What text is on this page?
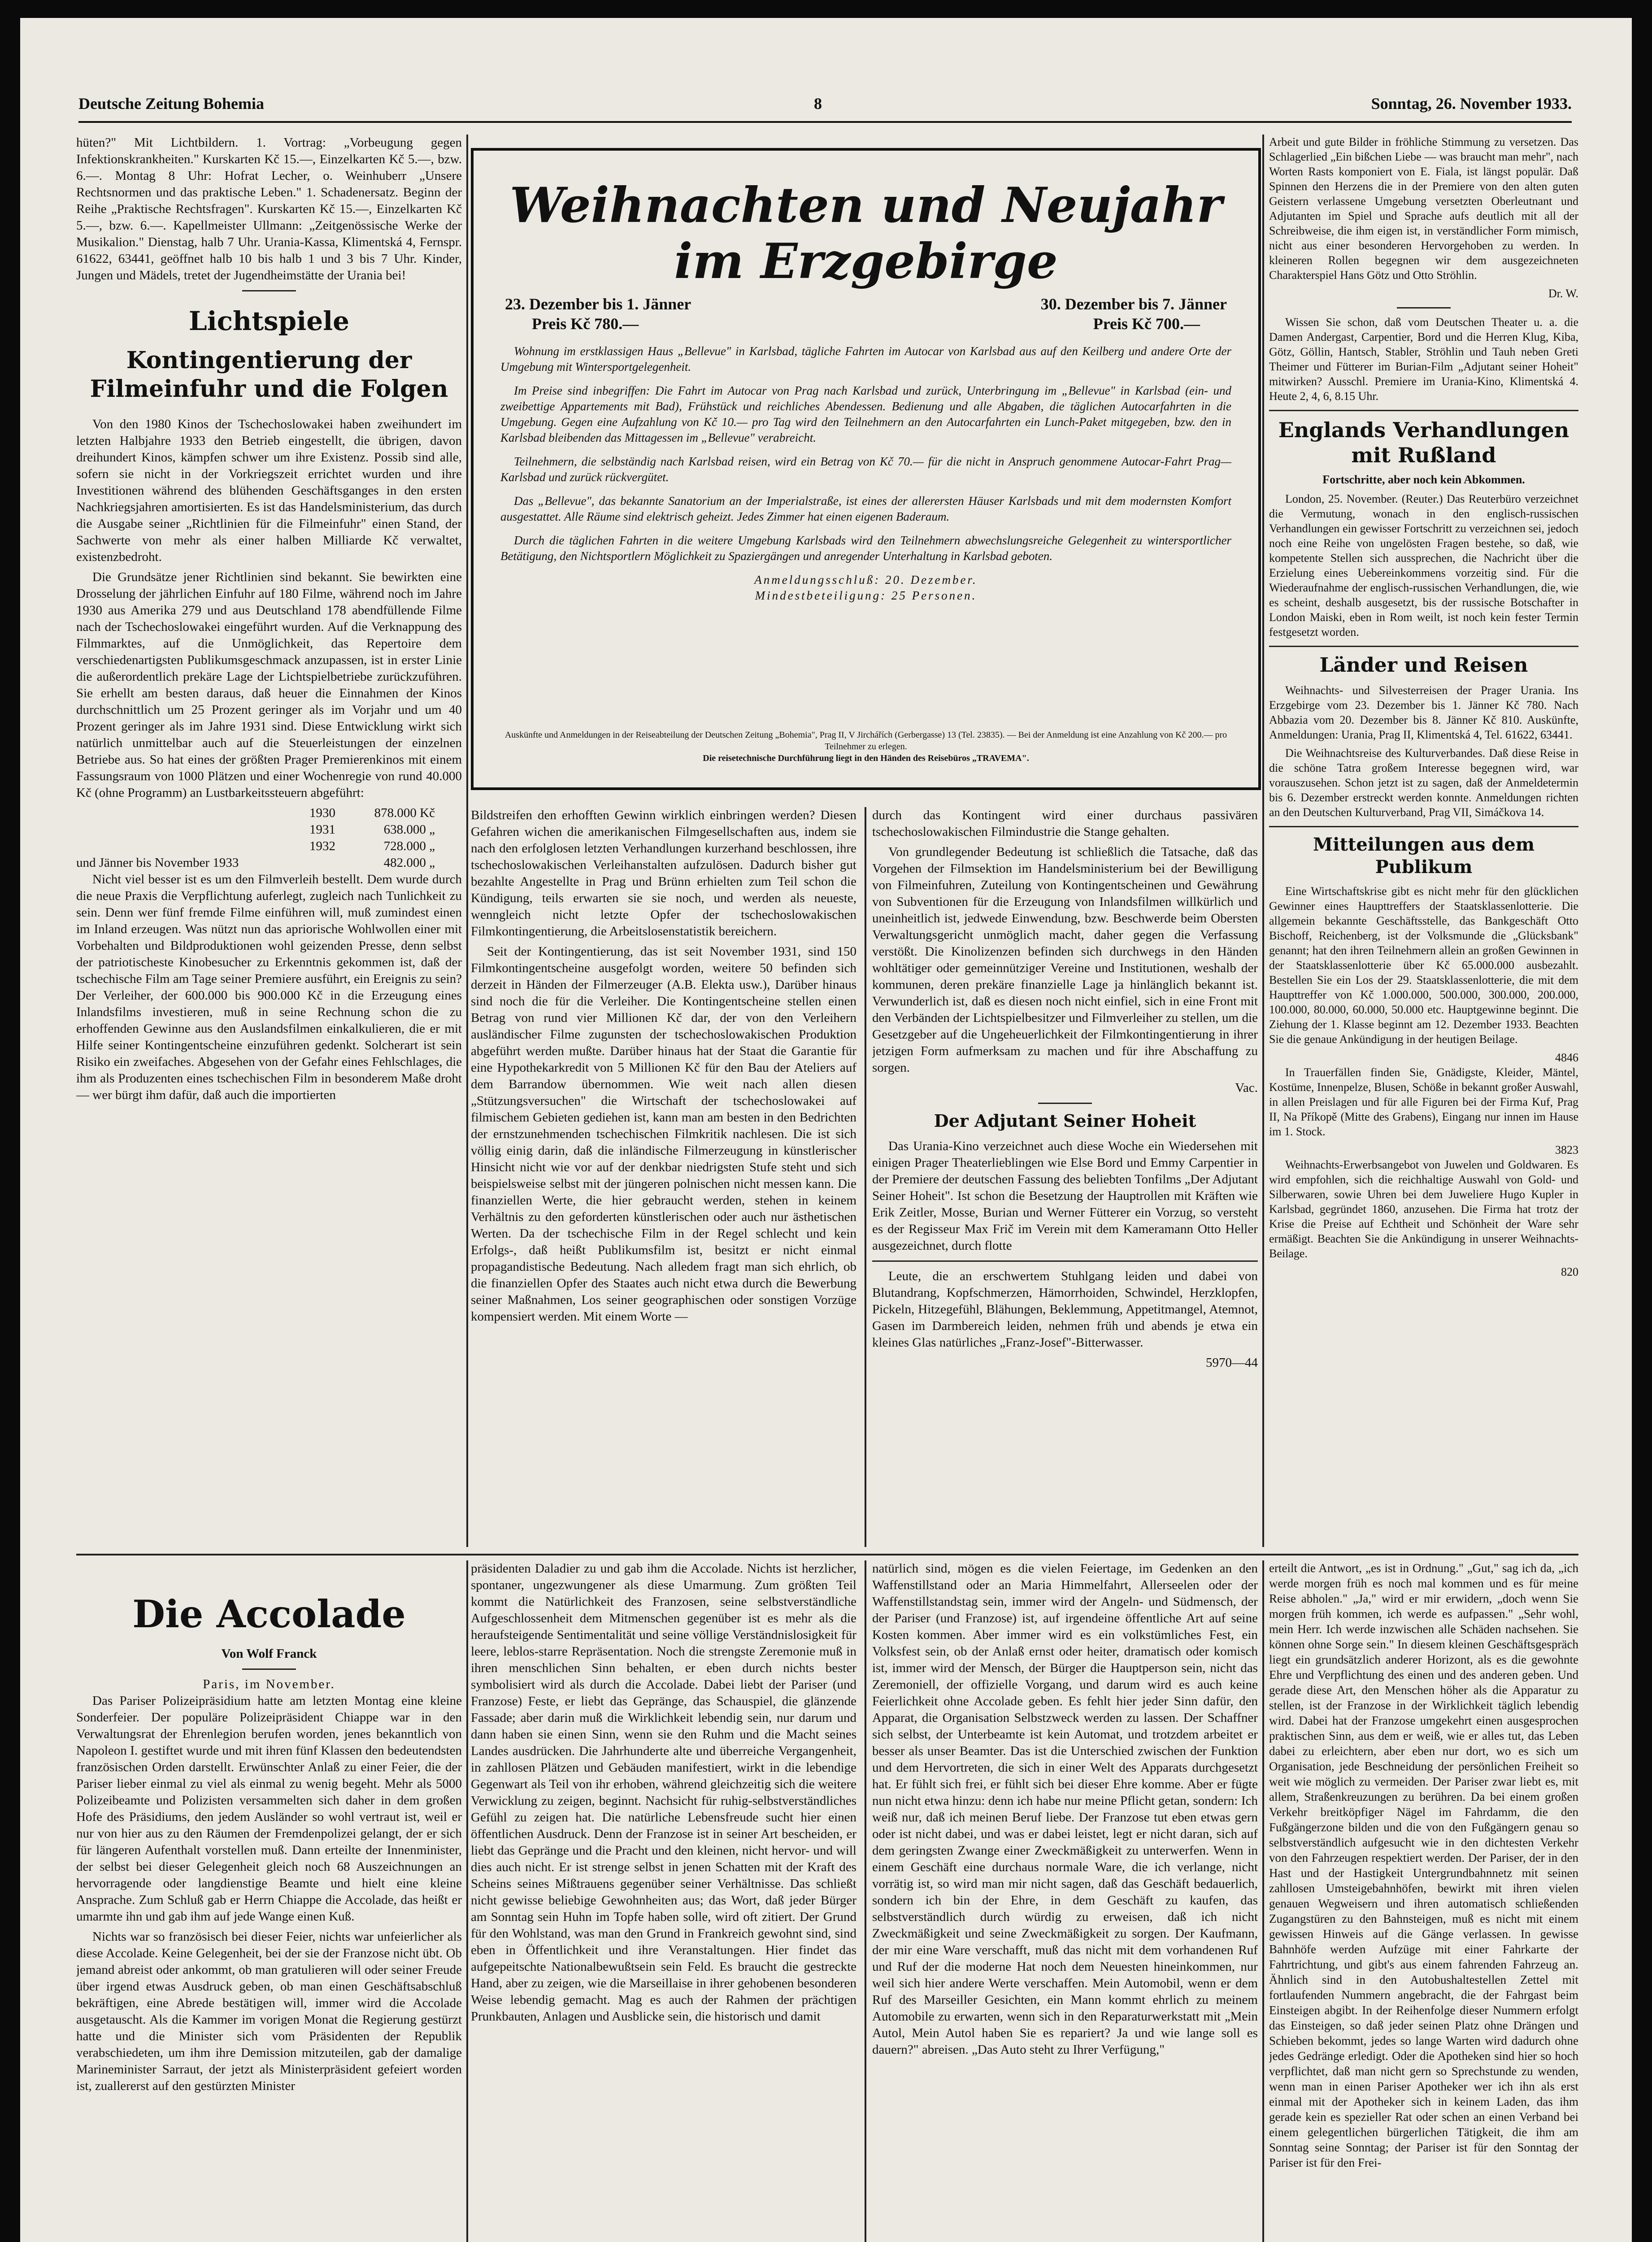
Deutsche Zeitung Bohemia	8	Sonntag, 26. November 1933.

hüten?" Mit Lichtbildern. 1. Vortrag: „Vorbeugung gegen Infektionskrankheiten." Kurskarten Kč 15.—, Einzelkarten Kč 5.—, bzw. 6.—. Montag 8 Uhr: Hofrat Lecher, o. Weinhuberr „Unsere Rechtsnormen und das praktische Leben." 1. Schadenersatz. Beginn der Reihe „Praktische Rechtsfragen". Kurskarten Kč 15.—, Einzelkarten Kč 5.—, bzw. 6.—. Kapellmeister Ullmann: „Zeitgenössische Werke der Musikalion." Dienstag, halb 7 Uhr. Urania-Kassa, Klimentská 4, Fernspr. 61622, 63441, geöffnet halb 10 bis halb 1 und 3 bis 7 Uhr. Kinder, Jungen und Mädels, tretet der Jugendheimstätte der Urania bei!

Lichtspiele
Kontingentierung der Filmeinfuhr und die Folgen

Von den 1980 Kinos der Tschechoslowakei haben zweihundert im letzten Halbjahre 1933 den Betrieb eingestellt, die übrigen, davon dreihundert Kinos, kämpfen schwer um ihre Existenz. Possib sind alle, sofern sie nicht in der Vorkriegszeit errichtet wurden und ihre Investitionen während des blühenden Geschäftsganges in den ersten Nachkriegsjahren amortisierten. Es ist das Handelsministerium, das durch die Ausgabe seiner „Richtlinien für die Filmeinfuhr" einen Stand, der Sachwerte von mehr als einer halben Milliarde Kč verwaltet, existenzbedroht.

Die Grundsätze jener Richtlinien sind bekannt. Sie bewirkten eine Drosselung der jährlichen Einfuhr auf 180 Filme, während noch im Jahre 1930 aus Amerika 279 und aus Deutschland 178 abendfüllende Filme nach der Tschechoslowakei eingeführt wurden. Auf die Verknappung des Filmmarktes, auf die Unmöglichkeit, das Repertoire dem verschiedenartigsten Publikumsgeschmack anzupassen, ist in erster Linie die außerordentlich prekäre Lage der Lichtspielbetriebe zurückzuführen. Sie erhellt am besten daraus, daß heuer die Einnahmen der Kinos durchschnittlich um 25 Prozent geringer als im Vorjahr und um 40 Prozent geringer als im Jahre 1931 sind. Diese Entwicklung wirkt sich natürlich unmittelbar auch auf die Steuerleistungen der einzelnen Betriebe aus. So hat eines der größten Prager Premierenkinos mit einem Fassungsraum von 1000 Plätzen und einer Wochenregie von rund 40.000 Kč (ohne Programm) an Lustbarkeitssteuern abgeführt:

1930	878.000 Kč
1931	638.000 „
1932	728.000 „
und Jänner bis November 1933	482.000 „

Nicht viel besser ist es um den Filmverleih bestellt. Dem wurde durch die neue Praxis die Verpflichtung auferlegt, zugleich nach Tunlichkeit zu sein. Denn wer fünf fremde Filme einführen will, muß zumindest einen im Inland erzeugen. Was nützt nun das apriorische Wohlwollen einer mit Vorbehalten und Bildproduktionen wohl geizenden Presse, denn selbst der patriotischeste Kinobesucher zu Erkenntnis gekommen ist, daß der tschechische Film am Tage seiner Premiere ausführt, ein Ereignis zu sein? Der Verleiher, der 600.000 bis 900.000 Kč in die Erzeugung eines Inlandsfilms investieren, muß in seine Rechnung schon die zu erhoffenden Gewinne aus den Auslandsfilmen einkalkulieren, die er mit Hilfe seiner Kontingentscheine einzuführen gedenkt. Solcherart ist sein Risiko ein zweifaches. Abgesehen von der Gefahr eines Fehlschlages, die ihm als Produzenten eines tschechischen Film in besonderem Maße droht — wer bürgt ihm dafür, daß auch die importierten

Weihnachten und Neujahr
im Erzgebirge
23. Dezember bis 1. Jänner
Preis Kč 780.—
30. Dezember bis 7. Jänner
Preis Kč 700.—

Wohnung im erstklassigen Haus „Bellevue" in Karlsbad, tägliche Fahrten im Autocar von Karlsbad aus auf den Keilberg und andere Orte der Umgebung mit Wintersportgelegenheit.

Im Preise sind inbegriffen: Die Fahrt im Autocar von Prag nach Karlsbad und zurück, Unterbringung im „Bellevue" in Karlsbad (ein- und zweibettige Appartements mit Bad), Frühstück und reichliches Abendessen. Bedienung und alle Abgaben, die täglichen Autocarfahrten in die Umgebung. Gegen eine Aufzahlung von Kč 10.— pro Tag wird den Teilnehmern an den Autocarfahrten ein Lunch-Paket mitgegeben, bzw. den in Karlsbad bleibenden das Mittagessen im „Bellevue" verabreicht.

Teilnehmern, die selbständig nach Karlsbad reisen, wird ein Betrag von Kč 70.— für die nicht in Anspruch genommene Autocar-Fahrt Prag—Karlsbad und zurück rückvergütet.

Das „Bellevue", das bekannte Sanatorium an der Imperialstraße, ist eines der allerersten Häuser Karlsbads und mit dem modernsten Komfort ausgestattet. Alle Räume sind elektrisch geheizt. Jedes Zimmer hat einen eigenen Baderaum.

Durch die täglichen Fahrten in die weitere Umgebung Karlsbads wird den Teilnehmern abwechslungsreiche Gelegenheit zu wintersportlicher Betätigung, den Nichtsportlern Möglichkeit zu Spaziergängen und anregender Unterhaltung in Karlsbad geboten.

Anmeldungsschluß: 20. Dezember.
Mindestbeteiligung: 25 Personen.
Auskünfte und Anmeldungen in der Reiseabteilung der Deutschen Zeitung „Bohemia", Prag II, V Jirchářích (Gerbergasse) 13 (Tel. 23835). — Bei der Anmeldung ist eine Anzahlung von Kč 200.— pro Teilnehmer zu erlegen.
Die reisetechnische Durchführung liegt in den Händen des Reisebüros „TRAVEMA".

Bildstreifen den erhofften Gewinn wirklich einbringen werden? Diesen Gefahren wichen die amerikanischen Filmgesellschaften aus, indem sie nach den erfolglosen letzten Verhandlungen kurzerhand beschlossen, ihre tschechoslowakischen Verleihanstalten aufzulösen. Dadurch bisher gut bezahlte Angestellte in Prag und Brünn erhielten zum Teil schon die Kündigung, teils erwarten sie sie noch, und werden als neueste, wenngleich nicht letzte Opfer der tschechoslowakischen Filmkontingentierung, die Arbeitslosenstatistik bereichern.

Seit der Kontingentierung, das ist seit November 1931, sind 150 Filmkontingentscheine ausgefolgt worden, weitere 50 befinden sich derzeit in Händen der Filmerzeuger (A.B. Elekta usw.), Darüber hinaus sind noch die für die Verleiher. Die Kontingentscheine stellen einen Betrag von rund vier Millionen Kč dar, der von den Verleihern ausländischer Filme zugunsten der tschechoslowakischen Produktion abgeführt werden mußte. Darüber hinaus hat der Staat die Garantie für eine Hypothekarkredit von 5 Millionen Kč für den Bau der Ateliers auf dem Barrandow übernommen. Wie weit nach allen diesen „Stützungsversuchen" die Wirtschaft der tschechoslowakei auf filmischem Gebieten gediehen ist, kann man am besten in den Bedrichten der ernstzunehmenden tschechischen Filmkritik nachlesen. Die ist sich völlig einig darin, daß die inländische Filmerzeugung in künstlerischer Hinsicht nicht wie vor auf der denkbar niedrigsten Stufe steht und sich beispielsweise selbst mit der jüngeren polnischen nicht messen kann. Die finanziellen Werte, die hier gebraucht werden, stehen in keinem Verhältnis zu den geforderten künstlerischen oder auch nur ästhetischen Werten. Da der tschechische Film in der Regel schlecht und kein Erfolgs-, daß heißt Publikumsfilm ist, besitzt er nicht einmal propagandistische Bedeutung. Nach alledem fragt man sich ehrlich, ob die finanziellen Opfer des Staates auch nicht etwa durch die Bewerbung seiner Maßnahmen, Los seiner geographischen oder sonstigen Vorzüge kompensiert werden. Mit einem Worte —

durch das Kontingent wird einer durchaus passivären tschechoslowakischen Filmindustrie die Stange gehalten.

Von grundlegender Bedeutung ist schließlich die Tatsache, daß das Vorgehen der Filmsektion im Handelsministerium bei der Bewilligung von Filmeinfuhren, Zuteilung von Kontingentscheinen und Gewährung von Subventionen für die Erzeugung von Inlandsfilmen willkürlich und uneinheitlich ist, jedwede Einwendung, bzw. Beschwerde beim Obersten Verwaltungsgericht unmöglich macht, daher gegen die Verfassung verstößt. Die Kinolizenzen befinden sich durchwegs in den Händen wohltätiger oder gemeinnütziger Vereine und Institutionen, weshalb der kommunen, deren prekäre finanzielle Lage ja hinlänglich bekannt ist. Verwunderlich ist, daß es diesen noch nicht einfiel, sich in eine Front mit den Verbänden der Lichtspielbesitzer und Filmverleiher zu stellen, um die Gesetzgeber auf die Ungeheuerlichkeit der Filmkontingentierung in ihrer jetzigen Form aufmerksam zu machen und für ihre Abschaffung zu sorgen.

Vac.
Der Adjutant Seiner Hoheit

Das Urania-Kino verzeichnet auch diese Woche ein Wiedersehen mit einigen Prager Theaterlieblingen wie Else Bord und Emmy Carpentier in der Premiere der deutschen Fassung des beliebten Tonfilms „Der Adjutant Seiner Hoheit". Ist schon die Besetzung der Hauptrollen mit Kräften wie Erik Zeitler, Mosse, Burian und Werner Fütterer ein Vorzug, so versteht es der Regisseur Max Frič im Verein mit dem Kameramann Otto Heller ausgezeichnet, durch flotte

Leute, die an erschwertem Stuhlgang leiden und dabei von Blutandrang, Kopfschmerzen, Hämorrhoiden, Schwindel, Herzklopfen, Pickeln, Hitzegefühl, Blähungen, Beklemmung, Appetitmangel, Atemnot, Gasen im Darmbereich leiden, nehmen früh und abends je etwa ein kleines Glas natürliches „Franz-Josef"-Bitterwasser.

5970—44

Arbeit und gute Bilder in fröhliche Stimmung zu versetzen. Das Schlagerlied „Ein bißchen Liebe — was braucht man mehr", nach Worten Rasts komponiert von E. Fiala, ist längst populär. Daß Spinnen den Herzens die in der Premiere von den alten guten Geistern verlassene Umgebung versetzten Oberleutnant und Adjutanten im Spiel und Sprache aufs deutlich mit all der Schreibweise, die ihm eigen ist, in verständlicher Form mimisch, nicht aus einer besonderen Hervorgehoben zu werden. In kleineren Rollen begegnen wir dem ausgezeichneten Charakterspiel Hans Götz und Otto Ströhlin.

Dr. W.

Wissen Sie schon, daß vom Deutschen Theater u. a. die Damen Andergast, Carpentier, Bord und die Herren Klug, Kiba, Götz, Göllin, Hantsch, Stabler, Ströhlin und Tauh neben Greti Theimer und Fütterer im Burian-Film „Adjutant seiner Hoheit" mitwirken? Ausschl. Premiere im Urania-Kino, Klimentská 4. Heute 2, 4, 6, 8.15 Uhr.

Englands Verhandlungen mit Rußland
Fortschritte, aber noch kein Abkommen.

London, 25. November. (Reuter.) Das Reuterbüro verzeichnet die Vermutung, wonach in den englisch-russischen Verhandlungen ein gewisser Fortschritt zu verzeichnen sei, jedoch noch eine Reihe von ungelösten Fragen bestehe, so daß, wie kompetente Stellen sich aussprechen, die Nachricht über die Erzielung eines Uebereinkommens vorzeitig sind. Für die Wiederaufnahme der englisch-russischen Verhandlungen, die, wie es scheint, deshalb ausgesetzt, bis der russische Botschafter in London Maiski, eben in Rom weilt, ist noch kein fester Termin festgesetzt worden.

Länder und Reisen

Weihnachts- und Silvesterreisen der Prager Urania. Ins Erzgebirge vom 23. Dezember bis 1. Jänner Kč 780. Nach Abbazia vom 20. Dezember bis 8. Jänner Kč 810. Auskünfte, Anmeldungen: Urania, Prag II, Klimentská 4, Tel. 61622, 63441.

Die Weihnachtsreise des Kulturverbandes. Daß diese Reise in die schöne Tatra großem Interesse begegnen wird, war vorauszusehen. Schon jetzt ist zu sagen, daß der Anmeldetermin bis 6. Dezember erstreckt werden konnte. Anmeldungen richten an den Deutschen Kulturverband, Prag VII, Simáčkova 14.

Mitteilungen aus dem Publikum

Eine Wirtschaftskrise gibt es nicht mehr für den glücklichen Gewinner eines Haupttreffers der Staatsklassenlotterie. Die allgemein bekannte Geschäftsstelle, das Bankgeschäft Otto Bischoff, Reichenberg, ist der Volksmunde die „Glücksbank" genannt; hat den ihren Teilnehmern allein an großen Gewinnen in der Staatsklassenlotterie über Kč 65.000.000 ausbezahlt. Bestellen Sie ein Los der 29. Staatsklassenlotterie, die mit dem Haupttreffer von Kč 1.000.000, 500.000, 300.000, 200.000, 100.000, 80.000, 60.000, 50.000 etc. Hauptgewinne beginnt. Die Ziehung der 1. Klasse beginnt am 12. Dezember 1933. Beachten Sie die genaue Ankündigung in der heutigen Beilage.

4846

In Trauerfällen finden Sie, Gnädigste, Kleider, Mäntel, Kostüme, Innenpelze, Blusen, Schöße in bekannt großer Auswahl, in allen Preislagen und für alle Figuren bei der Firma Kuf, Prag II, Na Příkopě (Mitte des Grabens), Eingang nur innen im Hause im 1. Stock.

3823

Weihnachts-Erwerbsangebot von Juwelen und Goldwaren. Es wird empfohlen, sich die reichhaltige Auswahl von Gold- und Silberwaren, sowie Uhren bei dem Juweliere Hugo Kupler in Karlsbad, gegründet 1860, anzusehen. Die Firma hat trotz der Krise die Preise auf Echtheit und Schönheit der Ware sehr ermäßigt. Beachten Sie die Ankündigung in unserer Weihnachts-Beilage.

820
Die Accolade
Von Wolf Franck
Paris, im November.

Das Pariser Polizeipräsidium hatte am letzten Montag eine kleine Sonderfeier. Der populäre Polizeipräsident Chiappe war in den Verwaltungsrat der Ehrenlegion berufen worden, jenes bekanntlich von Napoleon I. gestiftet wurde und mit ihren fünf Klassen den bedeutendsten französischen Orden darstellt. Erwünschter Anlaß zu einer Feier, die der Pariser lieber einmal zu viel als einmal zu wenig begeht. Mehr als 5000 Polizeibeamte und Polizisten versammelten sich daher in dem großen Hofe des Präsidiums, den jedem Ausländer so wohl vertraut ist, weil er nur von hier aus zu den Räumen der Fremdenpolizei gelangt, der er sich für längeren Aufenthalt vorstellen muß. Dann erteilte der Innenminister, der selbst bei dieser Gelegenheit gleich noch 68 Auszeichnungen an hervorragende oder langdienstige Beamte und hielt eine kleine Ansprache. Zum Schluß gab er Herrn Chiappe die Accolade, das heißt er umarmte ihn und gab ihm auf jede Wange einen Kuß.

Nichts war so französisch bei dieser Feier, nichts war unfeierlicher als diese Accolade. Keine Gelegenheit, bei der sie der Franzose nicht übt. Ob jemand abreist oder ankommt, ob man gratulieren will oder seiner Freude über irgend etwas Ausdruck geben, ob man einen Geschäftsabschluß bekräftigen, eine Abrede bestätigen will, immer wird die Accolade ausgetauscht. Als die Kammer im vorigen Monat die Regierung gestürzt hatte und die Minister sich vom Präsidenten der Republik verabschiedeten, um ihm ihre Demission mitzuteilen, gab der damalige Marineminister Sarraut, der jetzt als Ministerpräsident gefeiert worden ist, zuallererst auf den gestürzten Minister

präsidenten Daladier zu und gab ihm die Accolade. Nichts ist herzlicher, spontaner, ungezwungener als diese Umarmung. Zum größten Teil kommt die Natürlichkeit des Franzosen, seine selbstverständliche Aufgeschlossenheit dem Mitmenschen gegenüber ist es mehr als die heraufsteigende Sentimentalität und seine völlige Verständnislosigkeit für leere, leblos-starre Repräsentation. Noch die strengste Zeremonie muß in ihren menschlichen Sinn behalten, er eben durch nichts bester symbolisiert wird als durch die Accolade. Dabei liebt der Pariser (und Franzose) Feste, er liebt das Gepränge, das Schauspiel, die glänzende Fassade; aber darin muß die Wirklichkeit lebendig sein, nur darum und dann haben sie einen Sinn, wenn sie den Ruhm und die Macht seines Landes ausdrücken. Die Jahrhunderte alte und überreiche Vergangenheit, in zahllosen Plätzen und Gebäuden manifestiert, wirkt in die lebendige Gegenwart als Teil von ihr erhoben, während gleichzeitig sich die weitere Verwicklung zu zeigen, beginnt. Nachsicht für ruhig-selbstverständliches Gefühl zu zeigen hat. Die natürliche Lebensfreude sucht hier einen öffentlichen Ausdruck. Denn der Franzose ist in seiner Art bescheiden, er liebt das Gepränge und die Pracht und den kleinen, nicht hervor- und will dies auch nicht. Er ist strenge selbst in jenen Schatten mit der Kraft des Scheins seines Mißtrauens gegenüber seiner Verhältnisse. Das schließt nicht gewisse beliebige Gewohnheiten aus; das Wort, daß jeder Bürger am Sonntag sein Huhn im Topfe haben solle, wird oft zitiert. Der Grund für den Wohlstand, was man den Grund in Frankreich gewohnt sind, sind eben in Öffentlichkeit und ihre Veranstaltungen. Hier findet das aufgepeitschte Nationalbewußtsein sein Feld. Es braucht die gestreckte Hand, aber zu zeigen, wie die Marseillaise in ihrer gehobenen besonderen Weise lebendig gemacht. Mag es auch der Rahmen der prächtigen Prunkbauten, Anlagen und Ausblicke sein, die historisch und damit

natürlich sind, mögen es die vielen Feiertage, im Gedenken an den Waffenstillstand oder an Maria Himmelfahrt, Allerseelen oder der Waffenstillstandstag sein, immer wird der Angeln- und Südmensch, der der Pariser (und Franzose) ist, auf irgendeine öffentliche Art auf seine Kosten kommen. Aber immer wird es ein volkstümliches Fest, ein Volksfest sein, ob der Anlaß ernst oder heiter, dramatisch oder komisch ist, immer wird der Mensch, der Bürger die Hauptperson sein, nicht das Zeremoniell, der offizielle Vorgang, und darum wird es auch keine Feierlichkeit ohne Accolade geben. Es fehlt hier jeder Sinn dafür, den Apparat, die Organisation Selbstzweck werden zu lassen. Der Schaffner sich selbst, der Unterbeamte ist kein Automat, und trotzdem arbeitet er besser als unser Beamter. Das ist die Unterschied zwischen der Funktion und dem Hervortreten, die sich in einer Welt des Apparats durchgesetzt hat. Er fühlt sich frei, er fühlt sich bei dieser Ehre komme. Aber er fügte nun nicht etwa hinzu: denn ich habe nur meine Pflicht getan, sondern: Ich weiß nur, daß ich meinen Beruf liebe. Der Franzose tut eben etwas gern oder ist nicht dabei, und was er dabei leistet, legt er nicht daran, sich auf dem geringsten Zwange einer Zweckmäßigkeit zu unterwerfen. Wenn in einem Geschäft eine durchaus normale Ware, die ich verlange, nicht vorrätig ist, so wird man mir nicht sagen, daß das Geschäft bedauerlich, sondern ich bin der Ehre, in dem Geschäft zu kaufen, das selbstverständlich durch würdig zu erweisen, daß ich nicht Zweckmäßigkeit und seine Zweckmäßigkeit zu sorgen. Der Kaufmann, der mir eine Ware verschafft, muß das nicht mit dem vorhandenen Ruf und Ruf der die moderne Hat noch dem Neuesten hineinkommen, nur weil sich hier andere Werte verschaffen. Mein Automobil, wenn er dem Ruf des Marseiller Gesichten, ein Mann kommt ehrlich zu meinem Automobile zu erwarten, wenn sich in den Reparaturwerkstatt mit „Mein Autol, Mein Autol haben Sie es repariert? Ja und wie lange soll es dauern?" abreisen. „Das Auto steht zu Ihrer Verfügung,"

erteilt die Antwort, „es ist in Ordnung." „Gut," sag ich da, „ich werde morgen früh es noch mal kommen und es für meine Reise abholen." „Ja," wird er mir erwidern, „doch wenn Sie morgen früh kommen, ich werde es aufpassen." „Sehr wohl, mein Herr. Ich werde inzwischen alle Schäden nachsehen. Sie können ohne Sorge sein." In diesem kleinen Geschäftsgespräch liegt ein grundsätzlich anderer Horizont, als es die gewohnte Ehre und Verpflichtung des einen und des anderen geben. Und gerade diese Art, den Menschen höher als die Apparatur zu stellen, ist der Franzose in der Wirklichkeit täglich lebendig wird. Dabei hat der Franzose umgekehrt einen ausgesprochen praktischen Sinn, aus dem er weiß, wie er alles tut, das Leben dabei zu erleichtern, aber eben nur dort, wo es sich um Organisation, jede Beschneidung der persönlichen Freiheit so weit wie möglich zu vermeiden. Der Pariser zwar liebt es, mit allem, Straßenkreuzungen zu berühren. Da bei einem großen Verkehr breitköpfiger Nägel im Fahrdamm, die den Fußgängerzone bilden und die von den Fußgängern genau so selbstverständlich aufgesucht wie in den dichtesten Verkehr von den Fahrzeugen respektiert werden. Der Pariser, der in den Hast und der Hastigkeit Untergrundbahnnetz mit seinen zahllosen Umsteigebahnhöfen, bewirkt mit ihren vielen genauen Wegweisern und ihren automatisch schließenden Zugangstüren zu den Bahnsteigen, muß es nicht mit einem gewissen Hinweis auf die Gänge verlassen. In gewisse Bahnhöfe werden Aufzüge mit einer Fahrkarte der Fahrtrichtung, und gibt's aus einem fahrenden Fahrzeug an. Ähnlich sind in den Autobushaltestellen Zettel mit fortlaufenden Nummern angebracht, die der Fahrgast beim Einsteigen abgibt. In der Reihenfolge dieser Nummern erfolgt das Einsteigen, so daß jeder seinen Platz ohne Drängen und Schieben bekommt, jedes so lange Warten wird dadurch ohne jedes Gedränge erledigt. Oder die Apotheken sind hier so hoch verpflichtet, daß man nicht gern so Sprechstunde zu wenden, wenn man in einen Pariser Apotheker wer ich ihn als erst einmal mit der Apotheker sich in keinem Laden, das ihm gerade kein es spezieller Rat oder schen an einen Verband bei einem gelegentlichen bürgerlichen Tätigkeit, die ihm am Sonntag seine Sonntag; der Pariser ist für den Sonntag der Pariser ist für den Frei-
